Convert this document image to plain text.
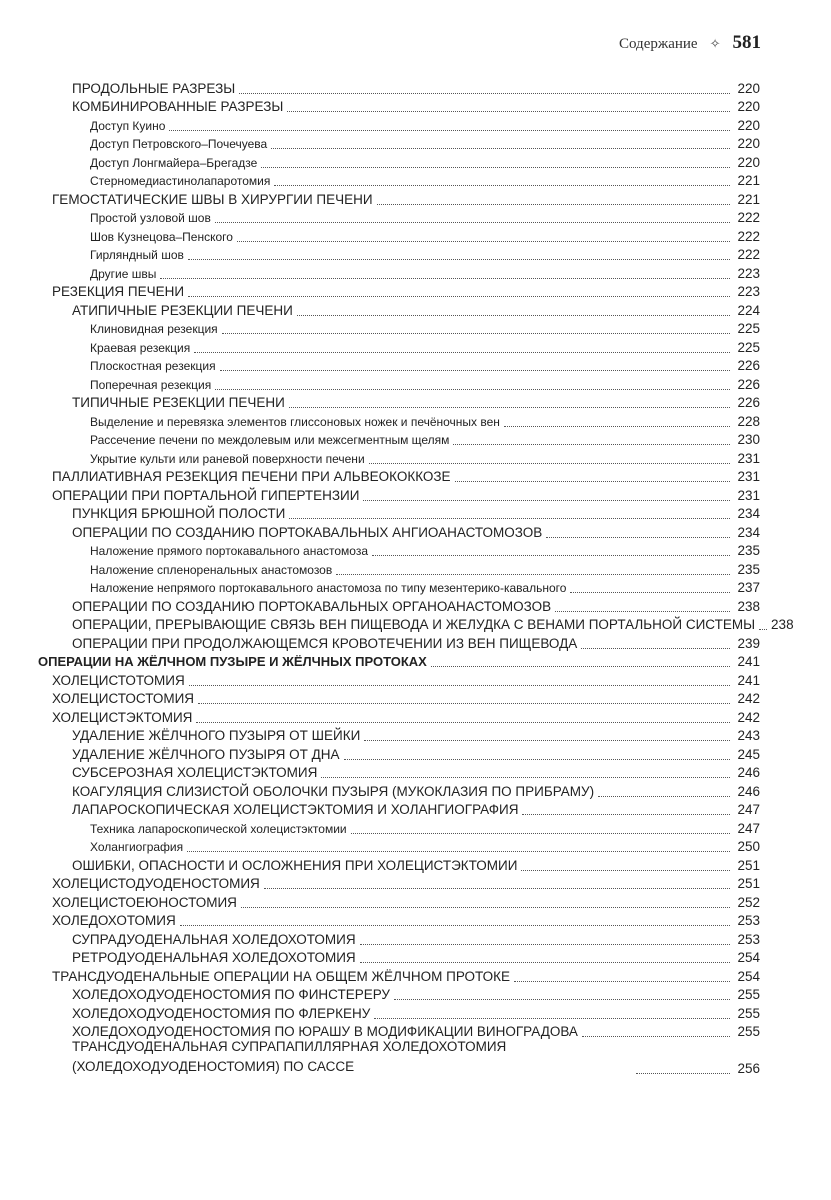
Содержание ✧ 581
ПРОДОЛЬНЫЕ РАЗРЕЗЫ	220
КОМБИНИРОВАННЫЕ РАЗРЕЗЫ	220
Доступ Куино	220
Доступ Петровского–Почечуева	220
Доступ Лонгмайера–Брегадзе	220
Стерномедиастинолапаротомия	221
ГЕМОСТАТИЧЕСКИЕ ШВЫ В ХИРУРГИИ ПЕЧЕНИ	221
Простой узловой шов	222
Шов Кузнецова–Пенского	222
Гирляндный шов	222
Другие швы	223
РЕЗЕКЦИЯ ПЕЧЕНИ	223
АТИПИЧНЫЕ РЕЗЕКЦИИ ПЕЧЕНИ	224
Клиновидная резекция	225
Краевая резекция	225
Плоскостная резекция	226
Поперечная резекция	226
ТИПИЧНЫЕ РЕЗЕКЦИИ ПЕЧЕНИ	226
Выделение и перевязка элементов глиссоновых ножек и печёночных вен	228
Рассечение печени по междолевым или межсегментным щелям	230
Укрытие культи или раневой поверхности печени	231
ПАЛЛИАТИВНАЯ РЕЗЕКЦИЯ ПЕЧЕНИ ПРИ АЛЬВЕОКОККОЗЕ	231
ОПЕРАЦИИ ПРИ ПОРТАЛЬНОЙ ГИПЕРТЕНЗИИ	231
ПУНКЦИЯ БРЮШНОЙ ПОЛОСТИ	234
ОПЕРАЦИИ ПО СОЗДАНИЮ ПОРТОКАВАЛЬНЫХ АНГИОАНАСТОМОЗОВ	234
Наложение прямого портокавального анастомоза	235
Наложение спленоренальных анастомозов	235
Наложение непрямого портокавального анастомоза по типу мезентерико-кавального	237
ОПЕРАЦИИ ПО СОЗДАНИЮ ПОРТОКАВАЛЬНЫХ ОРГАНОАНАСТОМОЗОВ	238
ОПЕРАЦИИ, ПРЕРЫВАЮЩИЕ СВЯЗЬ ВЕН ПИЩЕВОДА И ЖЕЛУДКА С ВЕНАМИ ПОРТАЛЬНОЙ СИСТЕМЫ 238
ОПЕРАЦИИ ПРИ ПРОДОЛЖАЮЩЕМСЯ КРОВОТЕЧЕНИИ ИЗ ВЕН ПИЩЕВОДА	239
ОПЕРАЦИИ НА ЖЁЛЧНОМ ПУЗЫРЕ И ЖЁЛЧНЫХ ПРОТОКАХ	241
ХОЛЕЦИСТОТОМИЯ	241
ХОЛЕЦИСТОСТОМИЯ	242
ХОЛЕЦИСТЭКТОМИЯ	242
УДАЛЕНИЕ ЖЁЛЧНОГО ПУЗЫРЯ ОТ ШЕЙКИ	243
УДАЛЕНИЕ ЖЁЛЧНОГО ПУЗЫРЯ ОТ ДНА	245
СУБСЕРОЗНАЯ ХОЛЕЦИСТЭКТОМИЯ	246
КОАГУЛЯЦИЯ СЛИЗИСТОЙ ОБОЛОЧКИ ПУЗЫРЯ (МУКОКЛАЗИЯ ПО ПРИБРАМУ)	246
ЛАПАРОСКОПИЧЕСКАЯ ХОЛЕЦИСТЭКТОМИЯ И ХОЛАНГИОГРАФИЯ	247
Техника лапароскопической холецистэктомии	247
Холангиография	250
ОШИБКИ, ОПАСНОСТИ И ОСЛОЖНЕНИЯ ПРИ ХОЛЕЦИСТЭКТОМИИ	251
ХОЛЕЦИСТОДУОДЕНОСТОМИЯ	251
ХОЛЕЦИСТОЕЮНОСТОМИЯ	252
ХОЛЕДОХОТОМИЯ	253
СУПРАДУОДЕНАЛЬНАЯ ХОЛЕДОХОТОМИЯ	253
РЕТРОДУОДЕНАЛЬНАЯ ХОЛЕДОХОТОМИЯ	254
ТРАНСДУОДЕНАЛЬНЫЕ ОПЕРАЦИИ НА ОБЩЕМ ЖЁЛЧНОМ ПРОТОКЕ	254
ХОЛЕДОХОДУОДЕНОСТОМИЯ ПО ФИНСТЕРЕРУ	255
ХОЛЕДОХОДУОДЕНОСТОМИЯ ПО ФЛЕРКЕНУ	255
ХОЛЕДОХОДУОДЕНОСТОМИЯ ПО ЮРАШУ В МОДИФИКАЦИИ ВИНОГРАДОВА	255
ТРАНСДУОДЕНАЛЬНАЯ СУПРАПАПИЛЛЯРНАЯ ХОЛЕДОХОТОМИЯ (ХОЛЕДОХОДУОДЕНОСТОМИЯ) ПО САССЕ	256
